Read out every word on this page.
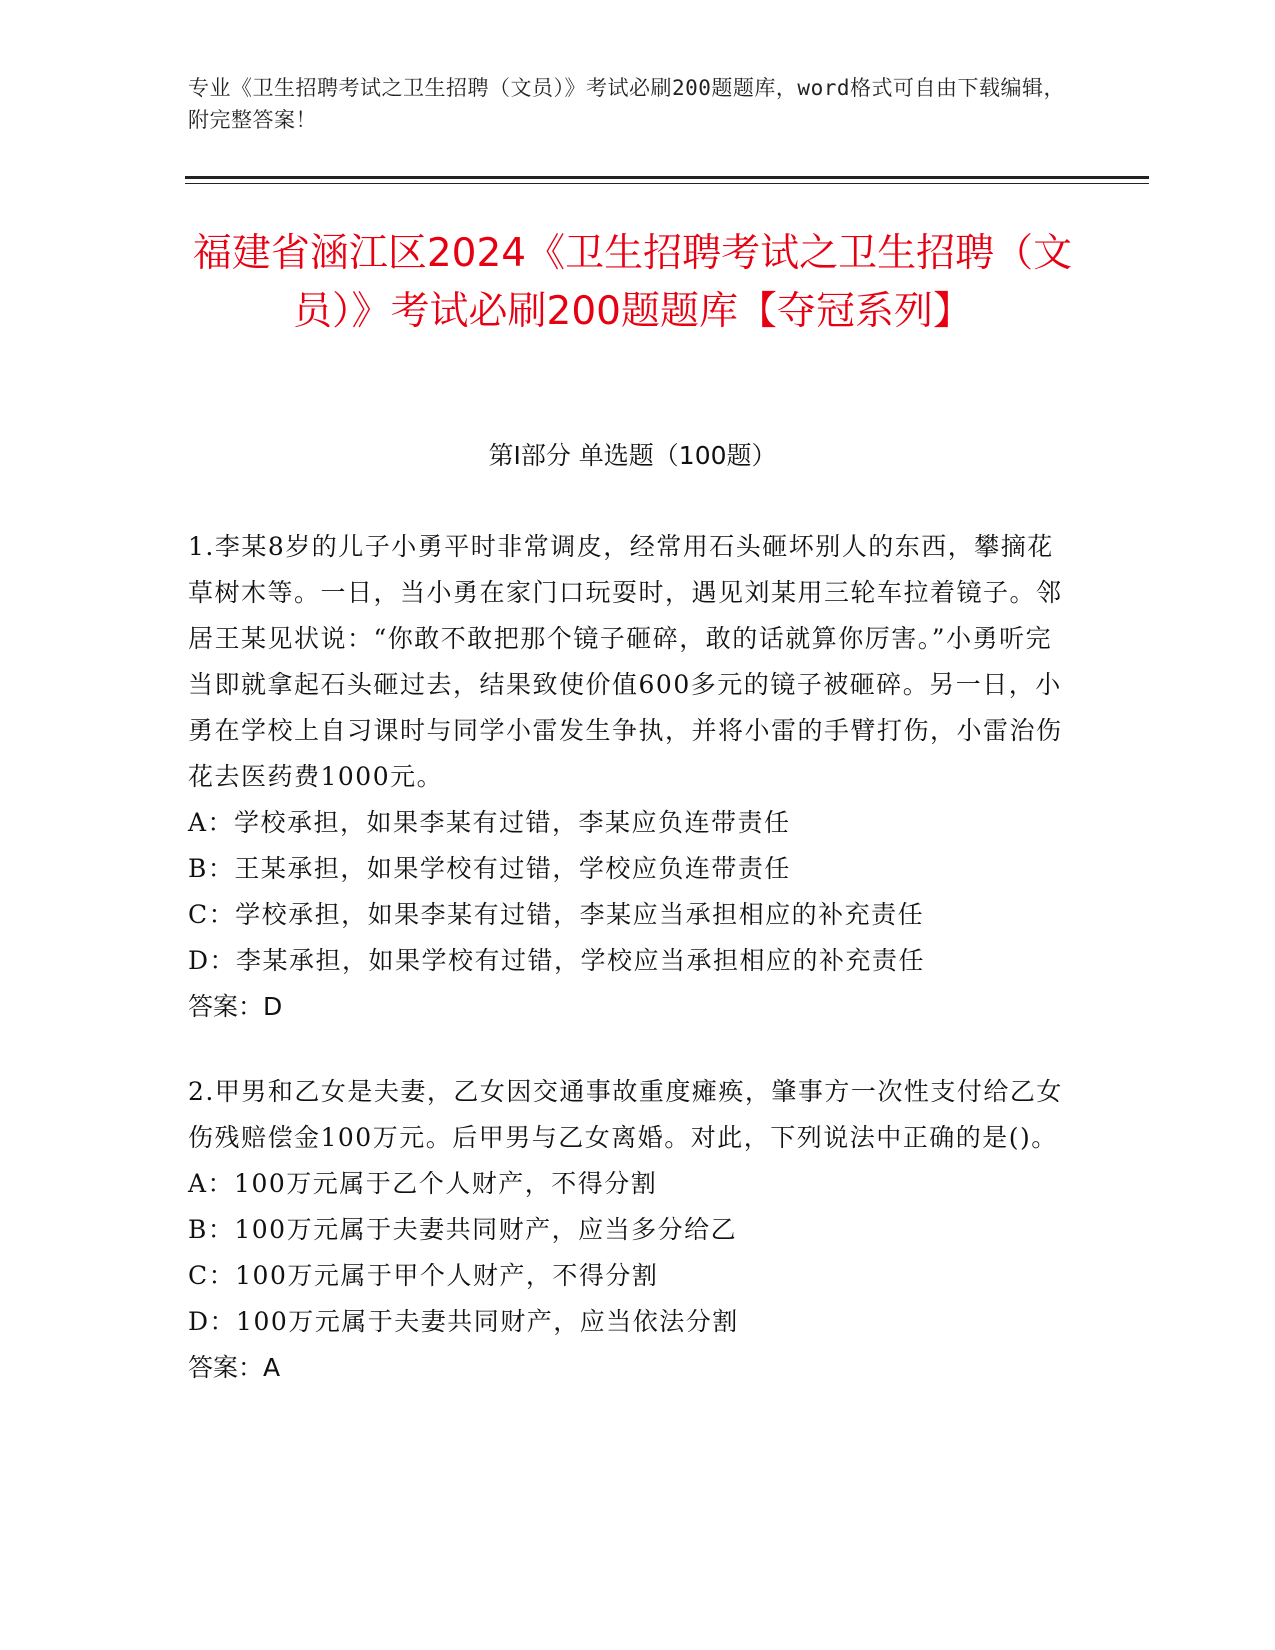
专业《卫生招聘考试之卫生招聘（文员）》考试必刷200题题库，word格式可自由下载编辑，附完整答案！
福建省涵江区2024《卫生招聘考试之卫生招聘（文员）》考试必刷200题题库【夺冠系列】
第Ⅰ部分 单选题（100题）

1.李某8岁的儿子小勇平时非常调皮，经常用石头砸坏别人的东西，攀摘花草树木等。一日，当小勇在家门口玩耍时，遇见刘某用三轮车拉着镜子。邻居王某见状说：“你敢不敢把那个镜子砸碎，敢的话就算你厉害。”小勇听完当即就拿起石头砸过去，结果致使价值600多元的镜子被砸碎。另一日，小勇在学校上自习课时与同学小雷发生争执，并将小雷的手臂打伤，小雷治伤花去医药费1000元。

A：学校承担，如果李某有过错，李某应负连带责任

B：王某承担，如果学校有过错，学校应负连带责任

C：学校承担，如果李某有过错，李某应当承担相应的补充责任

D：李某承担，如果学校有过错，学校应当承担相应的补充责任

答案：D

2.甲男和乙女是夫妻，乙女因交通事故重度瘫痪，肇事方一次性支付给乙女伤残赔偿金100万元。后甲男与乙女离婚。对此，下列说法中正确的是()。

A：100万元属于乙个人财产，不得分割

B：100万元属于夫妻共同财产，应当多分给乙

C：100万元属于甲个人财产，不得分割

D：100万元属于夫妻共同财产，应当依法分割

答案：A
